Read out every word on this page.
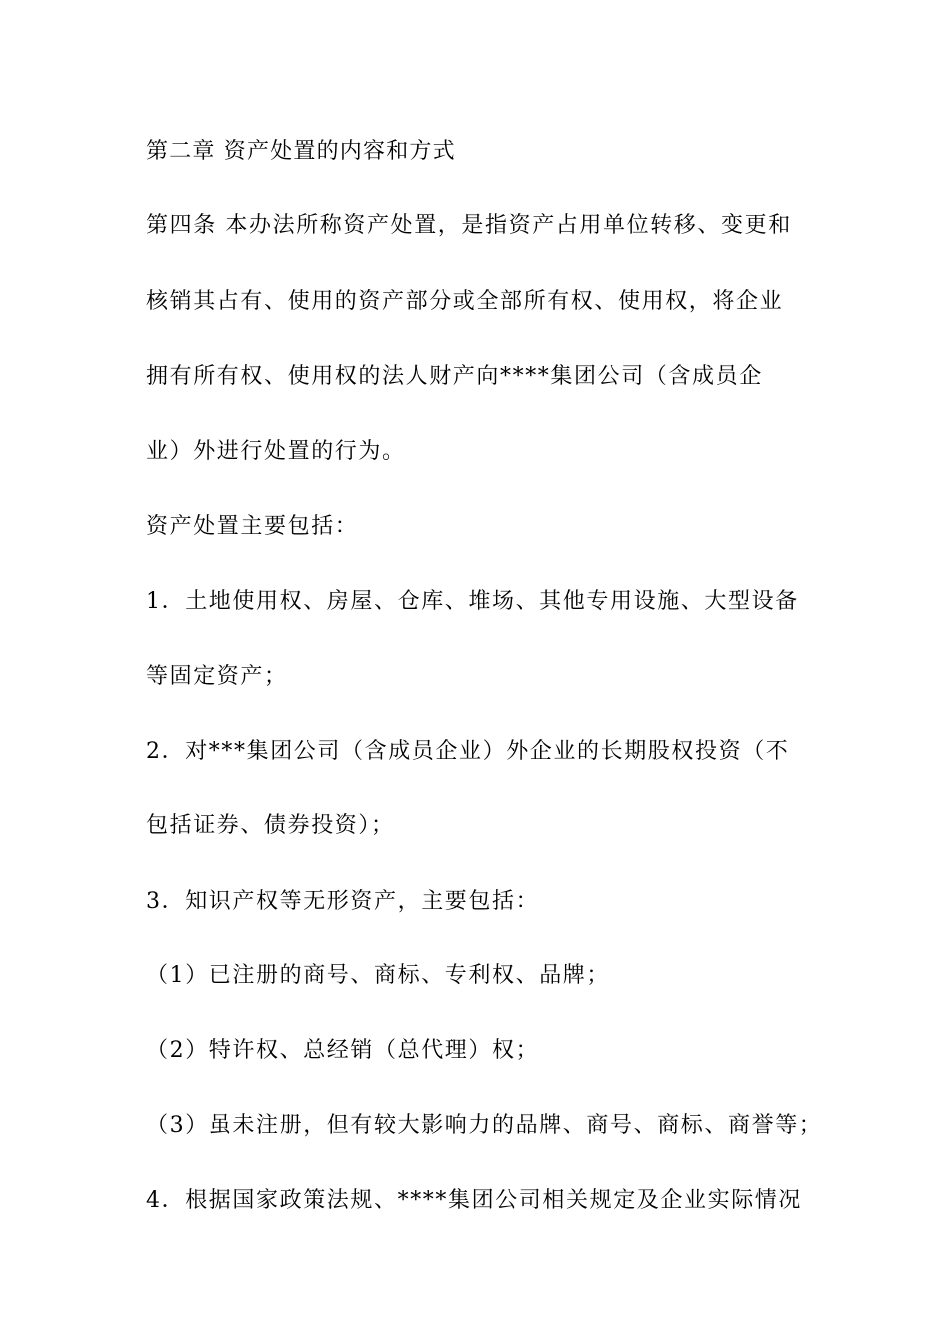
第二章 资产处置的内容和方式
第四条 本办法所称资产处置，是指资产占用单位转移、变更和
核销其占有、使用的资产部分或全部所有权、使用权，将企业
拥有所有权、使用权的法人财产向****集团公司（含成员企
业）外进行处置的行为。
资产处置主要包括：
1．土地使用权、房屋、仓库、堆场、其他专用设施、大型设备
等固定资产；
2．对***集团公司（含成员企业）外企业的长期股权投资（不
包括证券、债券投资）；
3．知识产权等无形资产，主要包括：
（1）已注册的商号、商标、专利权、品牌；
（2）特许权、总经销（总代理）权；
（3）虽未注册，但有较大影响力的品牌、商号、商标、商誉等；
4．根据国家政策法规、****集团公司相关规定及企业实际情况
